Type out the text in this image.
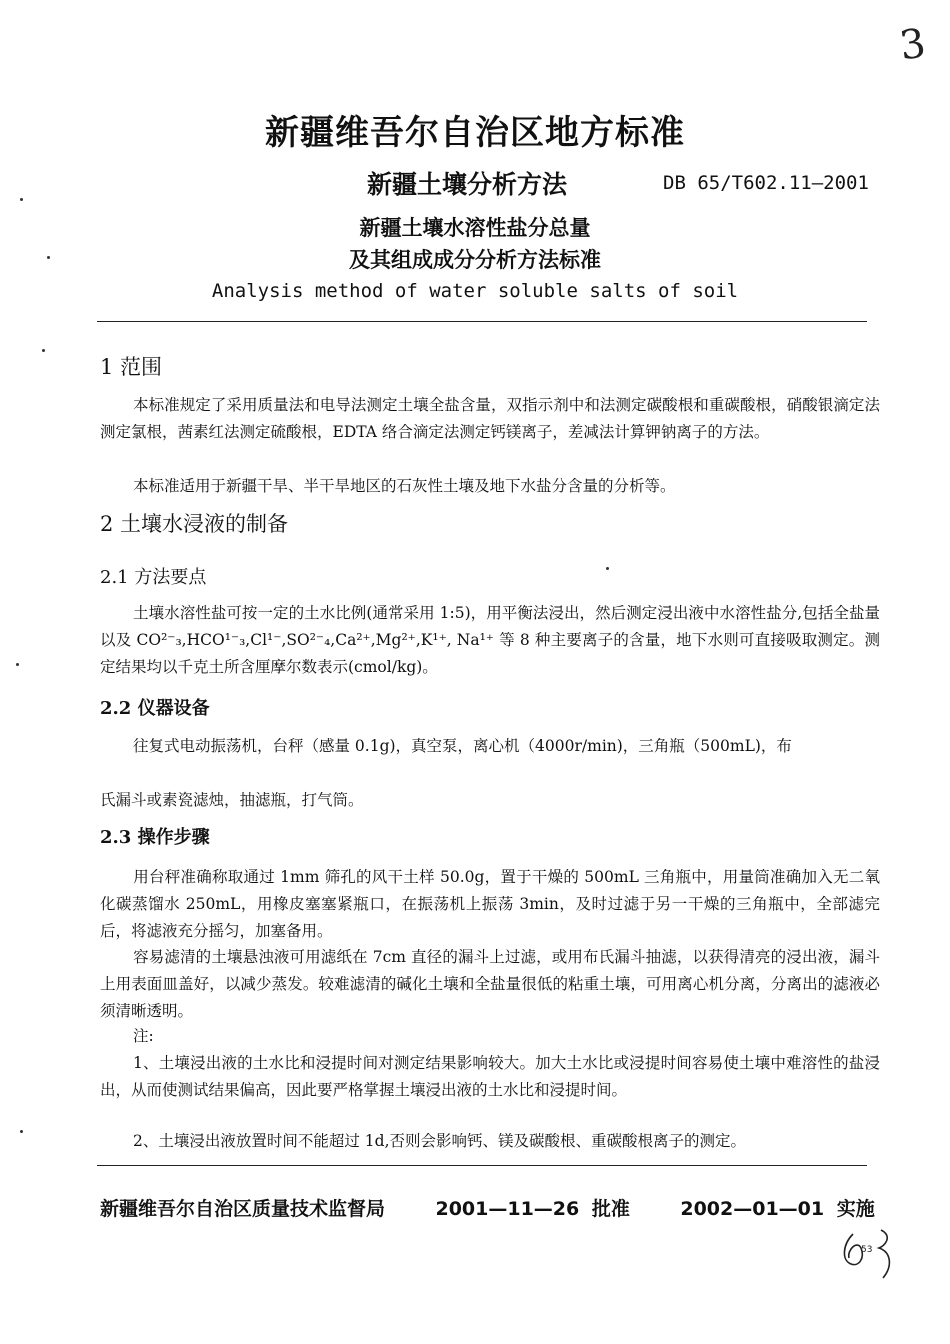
3
新疆维吾尔自治区地方标准
新疆土壤分析方法	DB 65/T602.11—2001
新疆土壤水溶性盐分总量
及其组成成分分析方法标准
Analysis method of water soluble salts of soil
1 范围
本标准规定了采用质量法和电导法测定土壤全盐含量，双指示剂中和法测定碳酸根和重碳酸根，硝酸银滴定法测定氯根，茜素红法测定硫酸根，EDTA 络合滴定法测定钙镁离子，差减法计算钾钠离子的方法。
本标准适用于新疆干旱、半干旱地区的石灰性土壤及地下水盐分含量的分析等。
2 土壤水浸液的制备
2.1 方法要点
土壤水溶性盐可按一定的土水比例(通常采用 1:5)，用平衡法浸出，然后测定浸出液中水溶性盐分,包括全盐量以及 CO²⁻₃,HCO¹⁻₃,Cl¹⁻,SO²⁻₄,Ca²⁺,Mg²⁺,K¹⁺, Na¹⁺ 等 8 种主要离子的含量，地下水则可直接吸取测定。测定结果均以千克土所含厘摩尔数表示(cmol/kg)。
2.2 仪器设备
往复式电动振荡机，台秤（感量 0.1g)，真空泵，离心机（4000r/min)，三角瓶（500mL)，布
氏漏斗或素瓷滤烛，抽滤瓶，打气筒。
2.3 操作步骤
用台秤准确称取通过 1mm 筛孔的风干土样 50.0g，置于干燥的 500mL 三角瓶中，用量筒准确加入无二氧化碳蒸馏水 250mL，用橡皮塞塞紧瓶口，在振荡机上振荡 3min，及时过滤于另一干燥的三角瓶中，全部滤完后，将滤液充分摇匀，加塞备用。
容易滤清的土壤悬浊液可用滤纸在 7cm 直径的漏斗上过滤，或用布氏漏斗抽滤，以获得清亮的浸出液，漏斗上用表面皿盖好，以减少蒸发。较难滤清的碱化土壤和全盐量很低的粘重土壤，可用离心机分离，分离出的滤液必须清晰透明。
注:
1、土壤浸出液的土水比和浸提时间对测定结果影响较大。加大土水比或浸提时间容易使土壤中难溶性的盐浸出，从而使测试结果偏高，因此要严格掌握土壤浸出液的土水比和浸提时间。
2、土壤浸出液放置时间不能超过 1d,否则会影响钙、镁及碳酸根、重碳酸根离子的测定。
新疆维吾尔自治区质量技术监督局	2001—11—26 批准	2002—01—01 实施
53
